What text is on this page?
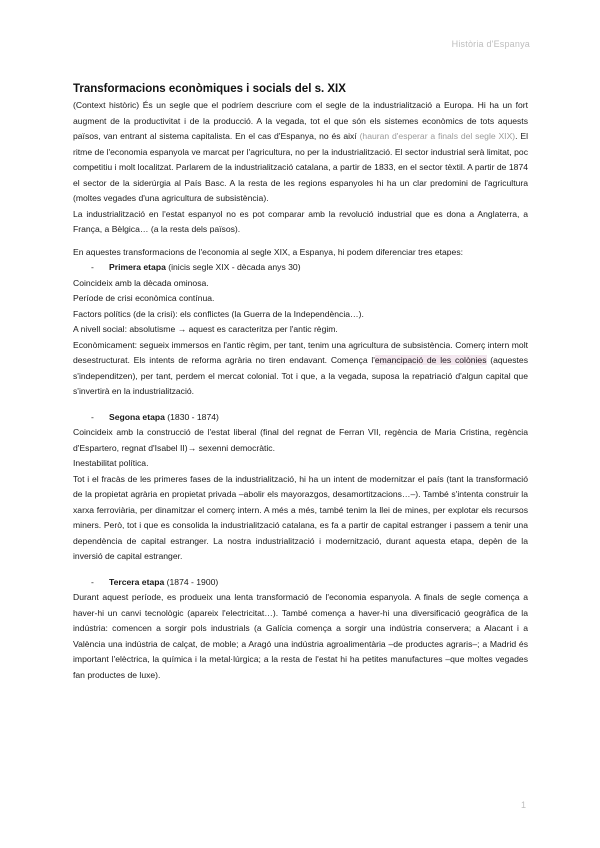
Història d'Espanya
Transformacions econòmiques i socials del s. XIX

(Context històric) És un segle que el podríem descriure com el segle de la industrialització a Europa. Hi ha un fort augment de la productivitat i de la producció. A la vegada, tot el que són els sistemes econòmics de tots aquests països, van entrant al sistema capitalista. En el cas d'Espanya, no és així (hauran d'esperar a finals del segle XIX). El ritme de l'economia espanyola ve marcat per l'agricultura, no per la industrialització. El sector industrial serà limitat, poc competitiu i molt localitzat. Parlarem de la industrialització catalana, a partir de 1833, en el sector tèxtil. A partir de 1874 el sector de la siderúrgia al País Basc. A la resta de les regions espanyoles hi ha un clar predomini de l'agricultura (moltes vegades d'una agricultura de subsistència).

La industrialització en l'estat espanyol no es pot comparar amb la revolució industrial que es dona a Anglaterra, a França, a Bèlgica… (a la resta dels països).

En aquestes transformacions de l'economia al segle XIX, a Espanya, hi podem diferenciar tres etapes:

- Primera etapa (inicis segle XIX - dècada anys 30)

Coincideix amb la dècada ominosa.

Període de crisi econòmica contínua.

Factors polítics (de la crisi): els conflictes (la Guerra de la Independència…).

A nivell social: absolutisme → aquest es caracteritza per l'antic règim.

Econòmicament: segueix immersos en l'antic règim, per tant, tenim una agricultura de subsistència. Comerç intern molt desestructurat. Els intents de reforma agrària no tiren endavant. Comença l'emancipació de les colònies (aquestes s'independitzen), per tant, perdem el mercat colonial. Tot i que, a la vegada, suposa la repatriació d'algun capital que s'invertirà en la industrialització.

- Segona etapa (1830 - 1874)

Coincideix amb la construcció de l'estat liberal (final del regnat de Ferran VII, regència de Maria Cristina, regència d'Espartero, regnat d'Isabel II)→ sexenni democràtic.

Inestabilitat política.

Tot i el fracàs de les primeres fases de la industrialització, hi ha un intent de modernitzar el país (tant la transformació de la propietat agrària en propietat privada –abolir els mayorazgos, desamortitzacions…–). També s'intenta construir la xarxa ferroviària, per dinamitzar el comerç intern. A més a més, també tenim la llei de mines, per explotar els recursos miners. Però, tot i que es consolida la industrialització catalana, es fa a partir de capital estranger i passem a tenir una dependència de capital estranger. La nostra industrialització i modernització, durant aquesta etapa, depèn de la inversió de capital estranger.

- Tercera etapa (1874 - 1900)

Durant aquest període, es produeix una lenta transformació de l'economia espanyola. A finals de segle comença a haver-hi un canvi tecnològic (apareix l'electricitat…). També comença a haver-hi una diversificació geogràfica de la indústria: comencen a sorgir pols industrials (a Galícia comença a sorgir una indústria conservera; a Alacant i a València una indústria de calçat, de moble; a Aragó una indústria agroalimentària –de productes agraris–; a Madrid és important l'elèctrica, la química i la metal·lúrgica; a la resta de l'estat hi ha petites manufactures –que moltes vegades fan productes de luxe).

1
